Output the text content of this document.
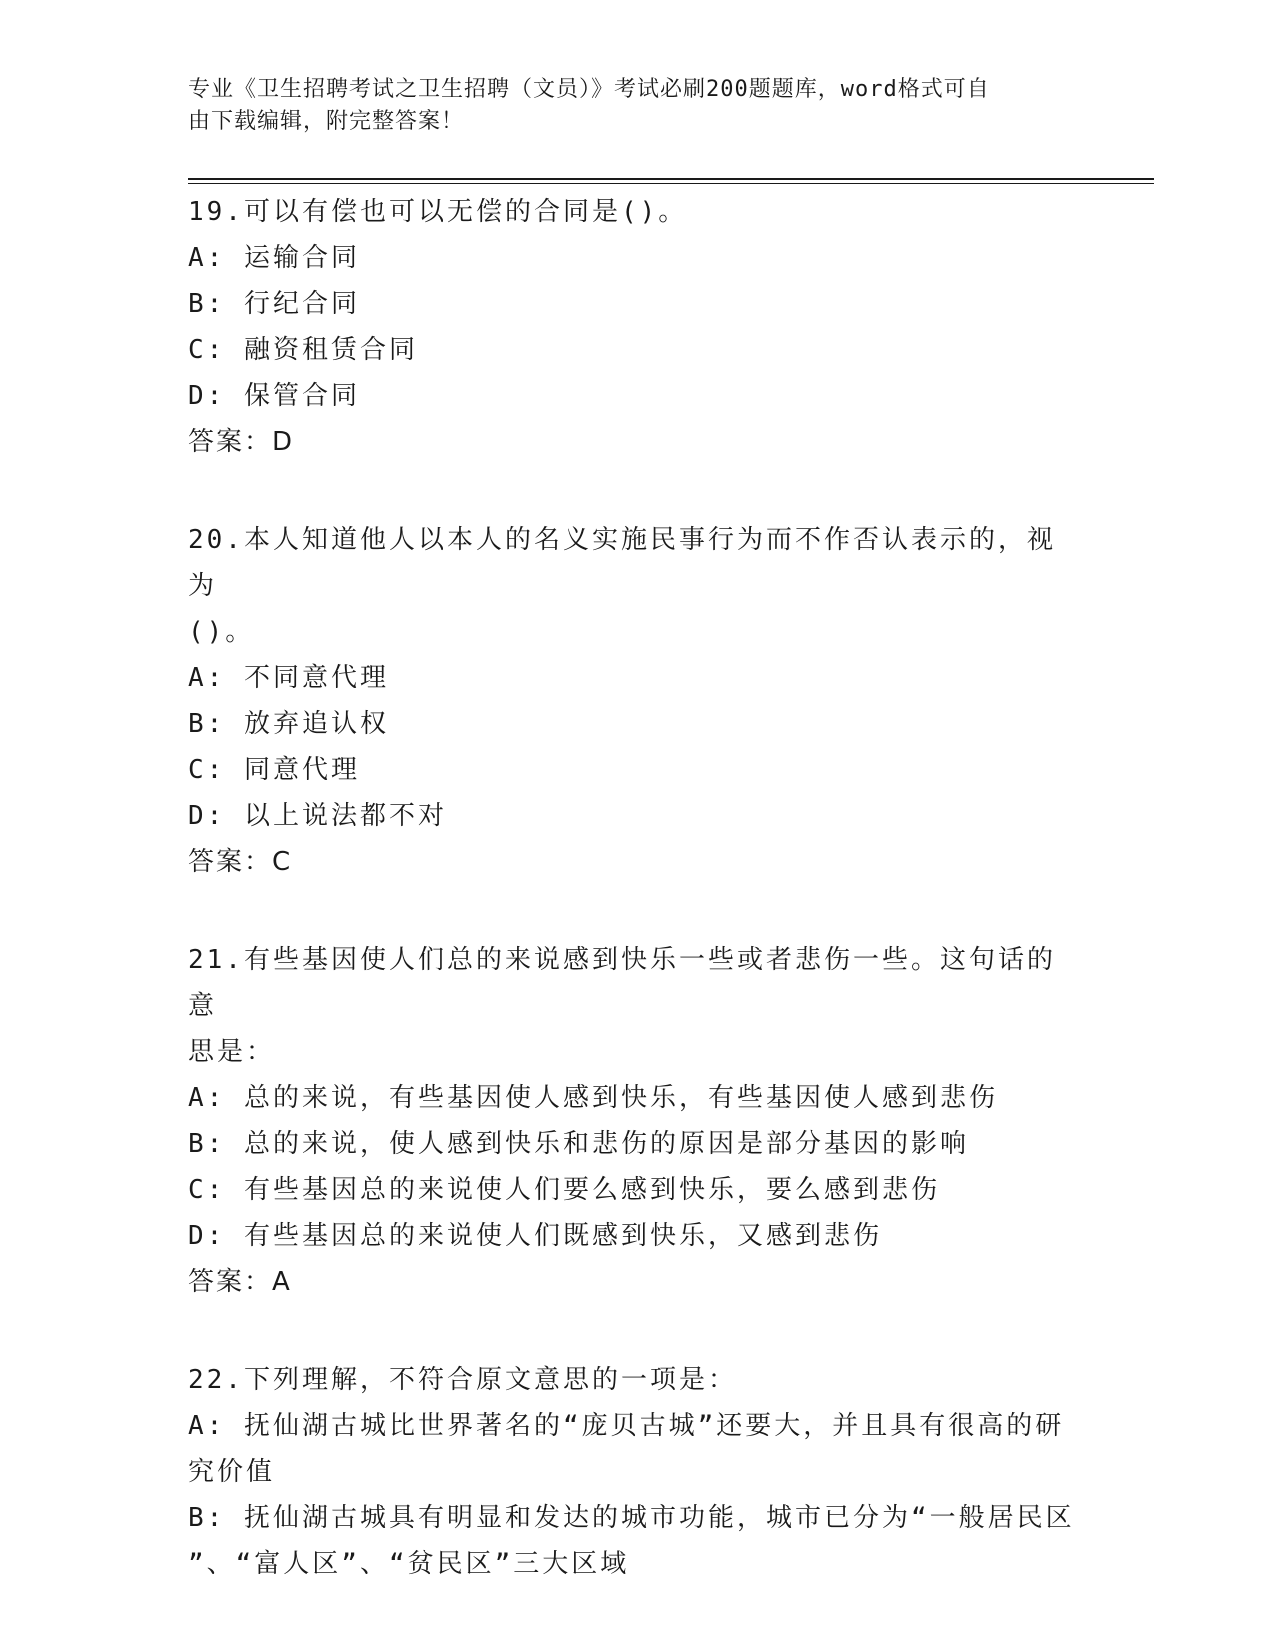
专业《卫生招聘考试之卫生招聘（文员）》考试必刷200题题库，word格式可自
由下载编辑，附完整答案！

19.可以有偿也可以无偿的合同是()。

A: 运输合同

B: 行纪合同

C: 融资租赁合同

D: 保管合同

答案：D

20.本人知道他人以本人的名义实施民事行为而不作否认表示的，视为

()。

A: 不同意代理

B: 放弃追认权

C: 同意代理

D: 以上说法都不对

答案：C

21.有些基因使人们总的来说感到快乐一些或者悲伤一些。这句话的意

思是：

A: 总的来说，有些基因使人感到快乐，有些基因使人感到悲伤

B: 总的来说，使人感到快乐和悲伤的原因是部分基因的影响

C: 有些基因总的来说使人们要么感到快乐，要么感到悲伤

D: 有些基因总的来说使人们既感到快乐，又感到悲伤

答案：A

22.下列理解，不符合原文意思的一项是：

A: 抚仙湖古城比世界著名的“庞贝古城”还要大，并且具有很高的研

究价值

B: 抚仙湖古城具有明显和发达的城市功能，城市已分为“一般居民区

”、“富人区”、“贫民区”三大区域
